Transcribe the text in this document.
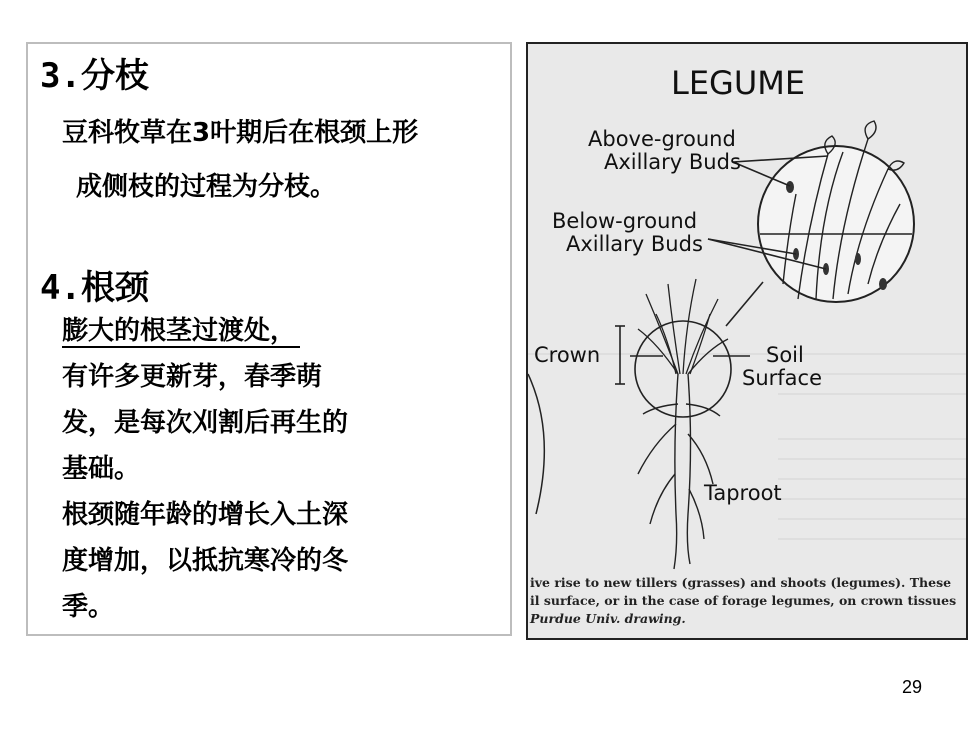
3.分枝
豆科牧草在3叶期后在根颈上形
成侧枝的过程为分枝。
4.根颈
膨大的根茎过渡处，
有许多更新芽，春季萌
发，是每次刈割后再生的
基础。
根颈随年龄的增长入土深
度增加，以抵抗寒冷的冬
季。
LEGUME
Above-ground
Axillary Buds
Below-ground
Axillary Buds
Crown	Soil
Surface
Taproot
ive rise to new tillers (grasses) and shoots (legumes). These
il surface, or in the case of forage legumes, on crown tissues
Purdue Univ. drawing.
29
